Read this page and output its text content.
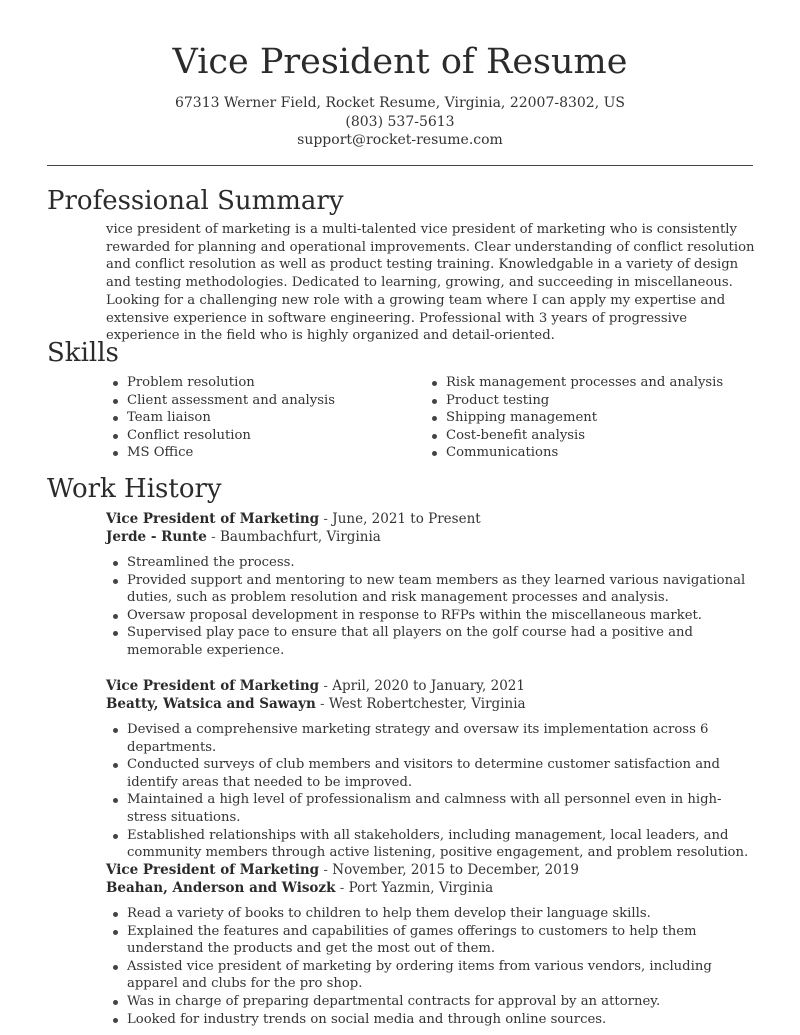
Vice President of Resume
67313 Werner Field, Rocket Resume, Virginia, 22007-8302, US
(803) 537-5613
support@rocket-resume.com
Professional Summary
vice president of marketing is a multi-talented vice president of marketing who is consistently rewarded for planning and operational improvements. Clear understanding of conflict resolution and conflict resolution as well as product testing training. Knowledgable in a variety of design and testing methodologies. Dedicated to learning, growing, and succeeding in miscellaneous. Looking for a challenging new role with a growing team where I can apply my expertise and extensive experience in software engineering. Professional with 3 years of progressive experience in the field who is highly organized and detail-oriented.
Skills
Problem resolution
Client assessment and analysis
Team liaison
Conflict resolution
MS Office
Risk management processes and analysis
Product testing
Shipping management
Cost-benefit analysis
Communications
Work History
Vice President of Marketing - June, 2021 to Present
Jerde - Runte - Baumbachfurt, Virginia
Streamlined the process.
Provided support and mentoring to new team members as they learned various navigational duties, such as problem resolution and risk management processes and analysis.
Oversaw proposal development in response to RFPs within the miscellaneous market.
Supervised play pace to ensure that all players on the golf course had a positive and memorable experience.
Vice President of Marketing - April, 2020 to January, 2021
Beatty, Watsica and Sawayn - West Robertchester, Virginia
Devised a comprehensive marketing strategy and oversaw its implementation across 6 departments.
Conducted surveys of club members and visitors to determine customer satisfaction and identify areas that needed to be improved.
Maintained a high level of professionalism and calmness with all personnel even in high-stress situations.
Established relationships with all stakeholders, including management, local leaders, and community members through active listening, positive engagement, and problem resolution.
Vice President of Marketing - November, 2015 to December, 2019
Beahan, Anderson and Wisozk - Port Yazmin, Virginia
Read a variety of books to children to help them develop their language skills.
Explained the features and capabilities of games offerings to customers to help them understand the products and get the most out of them.
Assisted vice president of marketing by ordering items from various vendors, including apparel and clubs for the pro shop.
Was in charge of preparing departmental contracts for approval by an attorney.
Looked for industry trends on social media and through online sources.
